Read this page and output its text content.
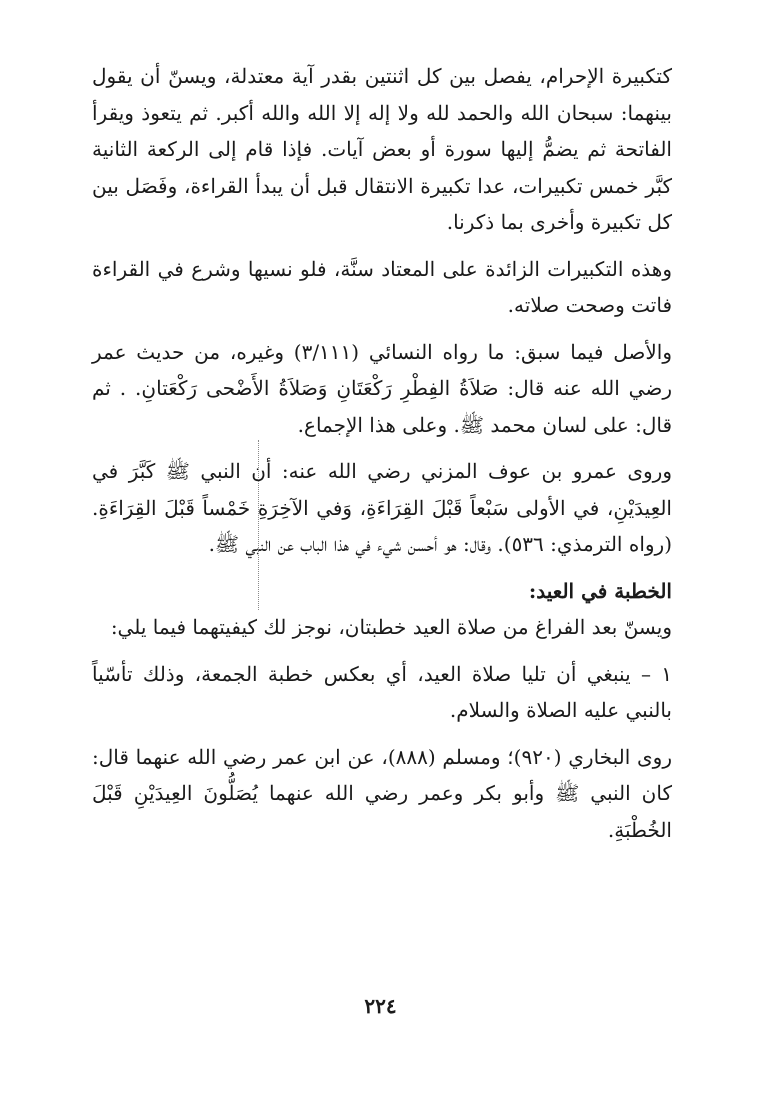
كتكبيرة الإحرام، يفصل بين كل اثنتين بقدر آية معتدلة، ويسنّ أن يقول بينهما: سبحان الله والحمد لله ولا إله إلا الله والله أكبر. ثم يتعوذ ويقرأ الفاتحة ثم يضمُّ إليها سورة أو بعض آيات. فإذا قام إلى الركعة الثانية كبَّر خمس تكبيرات، عدا تكبيرة الانتقال قبل أن يبدأ القراءة، وفَصَل بين كل تكبيرة وأخرى بما ذكرنا.

وهذه التكبيرات الزائدة على المعتاد سنَّة، فلو نسيها وشرع في القراءة فاتت وصحت صلاته.

والأصل فيما سبق: ما رواه النسائي (٣/١١١) وغيره، من حديث عمر رضي الله عنه قال: صَلاَةُ الفِطْرِ رَكْعَتَانِ وَصَلاَةُ الأَضْحى رَكْعَتانِ. . ثم قال: على لسان محمد ﷺ. وعلى هذا الإجماع.

وروى عمرو بن عوف المزني رضي الله عنه: أن النبي ﷺ كَبَّرَ في العِيدَيْنِ، في الأولى سَبْعاً قَبْلَ القِرَاءَةِ، وَفي الآخِرَةِ خَمْساً قَبْلَ القِرَاءَةِ. (رواه الترمذي: ٥٣٦). وقال: هو أحسن شيء في هذا الباب عن النبي ﷺ.

الخطبة في العيد:

ويسنّ بعد الفراغ من صلاة العيد خطبتان، نوجز لك كيفيتهما فيما يلي:

١ – ينبغي أن تليا صلاة العيد، أي بعكس خطبة الجمعة، وذلك تأسّياً بالنبي عليه الصلاة والسلام.

روى البخاري (٩٢٠)؛ ومسلم (٨٨٨)، عن ابن عمر رضي الله عنهما قال: كان النبي ﷺ وأبو بكر وعمر رضي الله عنهما يُصَلُّونَ العِيدَيْنِ قَبْلَ الخُطْبَةِ.

٢٢٤
